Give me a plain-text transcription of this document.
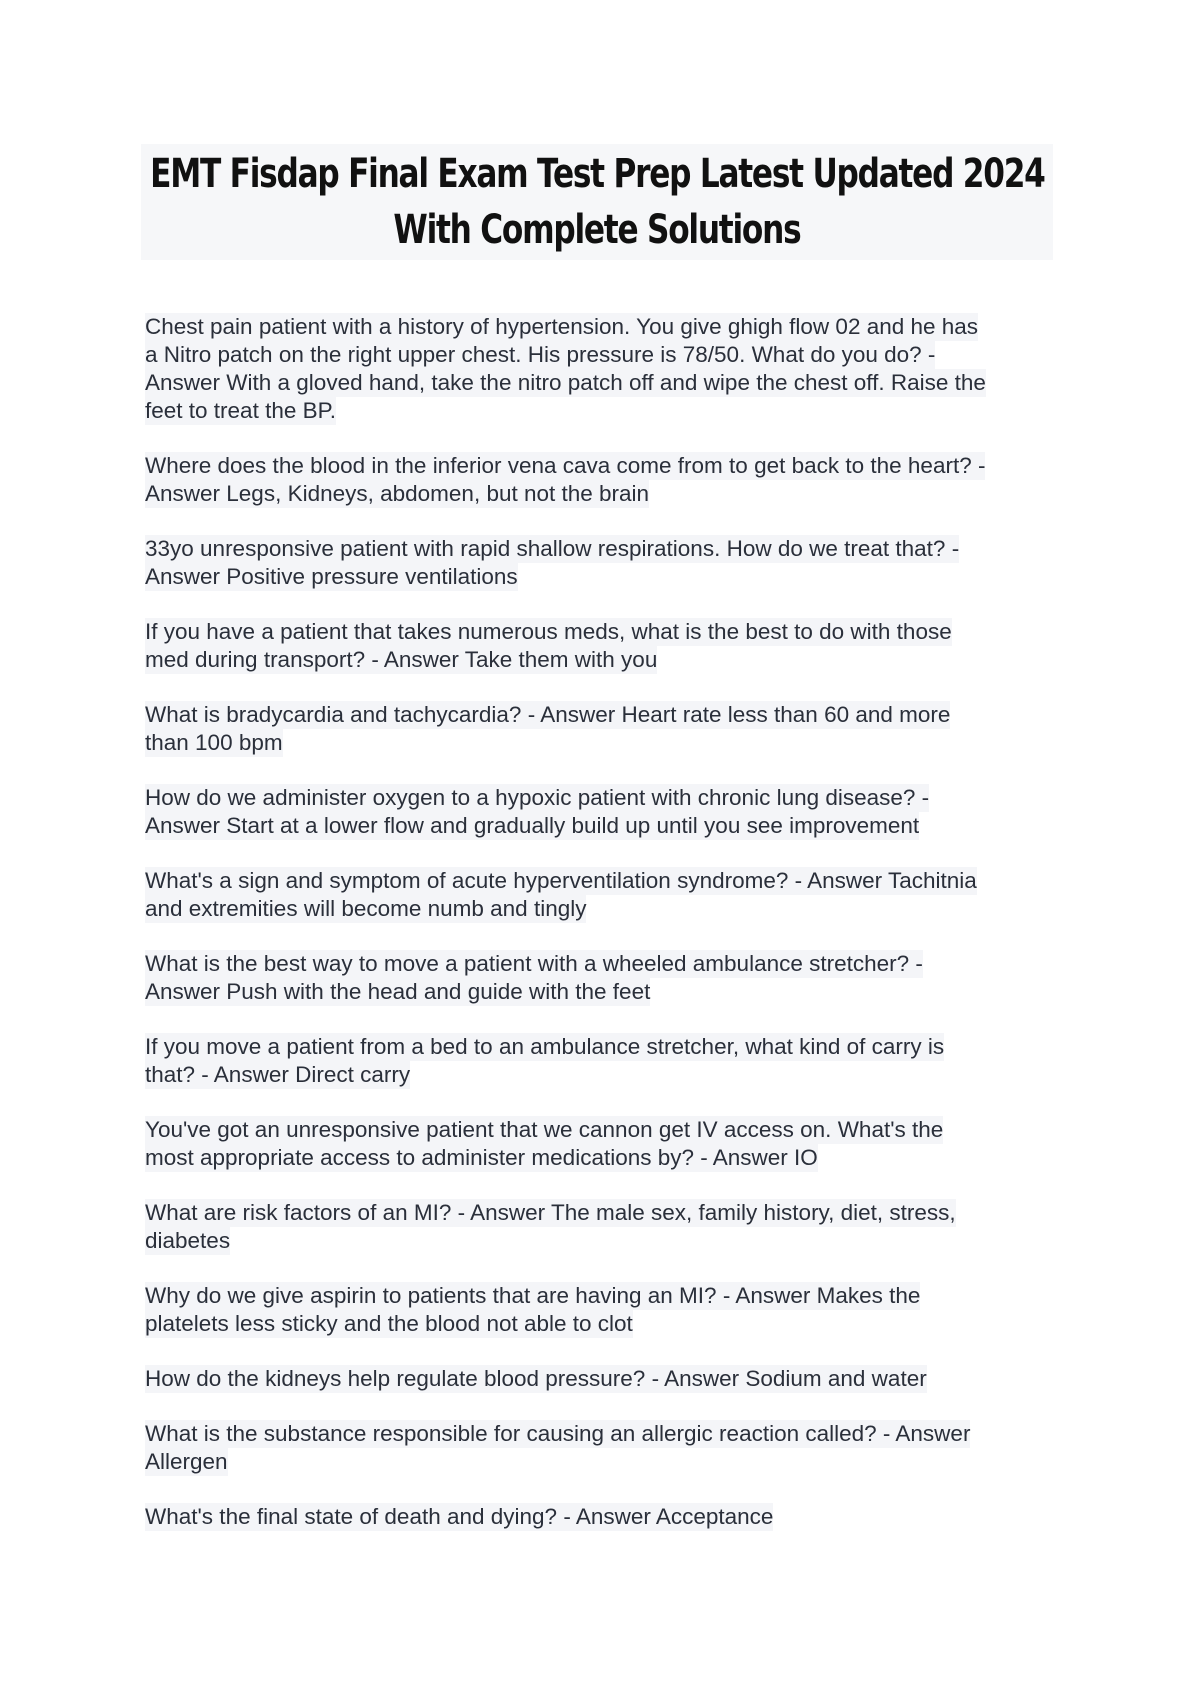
EMT Fisdap Final Exam Test Prep Latest Updated 2024
With Complete Solutions
Chest pain patient with a history of hypertension. You give ghigh flow 02 and he has
a Nitro patch on the right upper chest. His pressure is 78/50. What do you do? -
Answer With a gloved hand, take the nitro patch off and wipe the chest off. Raise the
feet to treat the BP.
Where does the blood in the inferior vena cava come from to get back to the heart? -
Answer Legs, Kidneys, abdomen, but not the brain
33yo unresponsive patient with rapid shallow respirations. How do we treat that? -
Answer Positive pressure ventilations
If you have a patient that takes numerous meds, what is the best to do with those
med during transport? - Answer Take them with you
What is bradycardia and tachycardia? - Answer Heart rate less than 60 and more
than 100 bpm
How do we administer oxygen to a hypoxic patient with chronic lung disease? -
Answer Start at a lower flow and gradually build up until you see improvement
What's a sign and symptom of acute hyperventilation syndrome? - Answer Tachitnia
and extremities will become numb and tingly
What is the best way to move a patient with a wheeled ambulance stretcher? -
Answer Push with the head and guide with the feet
If you move a patient from a bed to an ambulance stretcher, what kind of carry is
that? - Answer Direct carry
You've got an unresponsive patient that we cannon get IV access on. What's the
most appropriate access to administer medications by? - Answer IO
What are risk factors of an MI? - Answer The male sex, family history, diet, stress,
diabetes
Why do we give aspirin to patients that are having an MI? - Answer Makes the
platelets less sticky and the blood not able to clot
How do the kidneys help regulate blood pressure? - Answer Sodium and water
What is the substance responsible for causing an allergic reaction called? - Answer
Allergen
What's the final state of death and dying? - Answer Acceptance
